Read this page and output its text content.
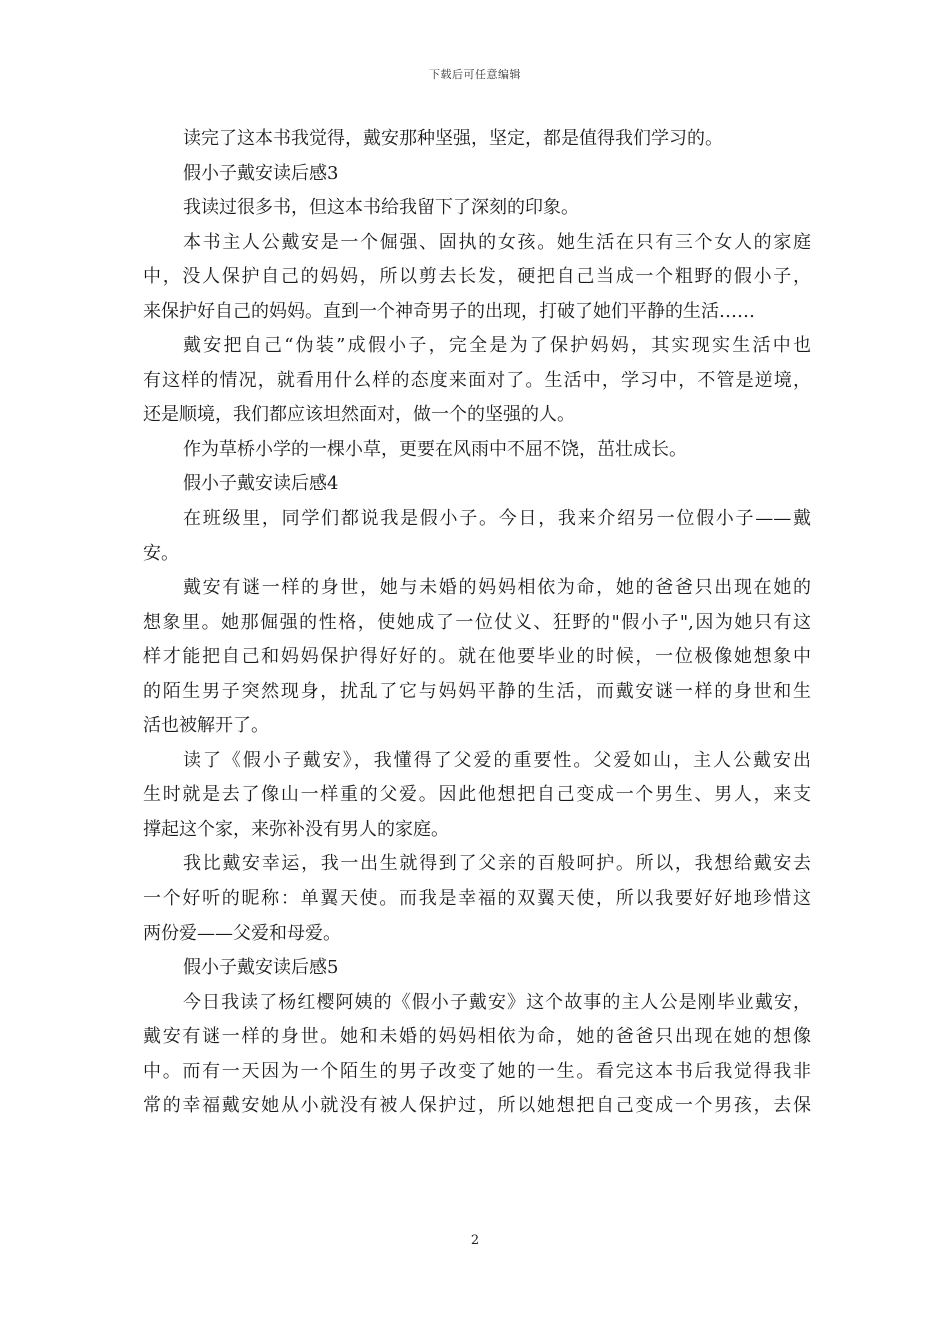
下载后可任意编辑
读完了这本书我觉得，戴安那种坚强，坚定，都是值得我们学习的。
假小子戴安读后感3
我读过很多书，但这本书给我留下了深刻的印象。
本书主人公戴安是一个倔强、固执的女孩。她生活在只有三个女人的家庭
中，没人保护自己的妈妈，所以剪去长发，硬把自己当成一个粗野的假小子，
来保护好自己的妈妈。直到一个神奇男子的出现，打破了她们平静的生活……
戴安把自己“伪装”成假小子，完全是为了保护妈妈，其实现实生活中也
有这样的情况，就看用什么样的态度来面对了。生活中，学习中，不管是逆境，
还是顺境，我们都应该坦然面对，做一个的坚强的人。
作为草桥小学的一棵小草，更要在风雨中不屈不饶，茁壮成长。
假小子戴安读后感4
在班级里，同学们都说我是假小子。今日，我来介绍另一位假小子——戴
安。
戴安有谜一样的身世，她与未婚的妈妈相依为命，她的爸爸只出现在她的
想象里。她那倔强的性格，使她成了一位仗义、狂野的"假小子",因为她只有这
样才能把自己和妈妈保护得好好的。就在他要毕业的时候，一位极像她想象中
的陌生男子突然现身，扰乱了它与妈妈平静的生活，而戴安谜一样的身世和生
活也被解开了。
读了《假小子戴安》，我懂得了父爱的重要性。父爱如山，主人公戴安出
生时就是去了像山一样重的父爱。因此他想把自己变成一个男生、男人，来支
撑起这个家，来弥补没有男人的家庭。
我比戴安幸运，我一出生就得到了父亲的百般呵护。所以，我想给戴安去
一个好听的昵称：单翼天使。而我是幸福的双翼天使，所以我要好好地珍惜这
两份爱——父爱和母爱。
假小子戴安读后感5
今日我读了杨红樱阿姨的《假小子戴安》这个故事的主人公是刚毕业戴安，
戴安有谜一样的身世。她和未婚的妈妈相依为命，她的爸爸只出现在她的想像
中。而有一天因为一个陌生的男子改变了她的一生。看完这本书后我觉得我非
常的幸福戴安她从小就没有被人保护过，所以她想把自己变成一个男孩，去保
2
